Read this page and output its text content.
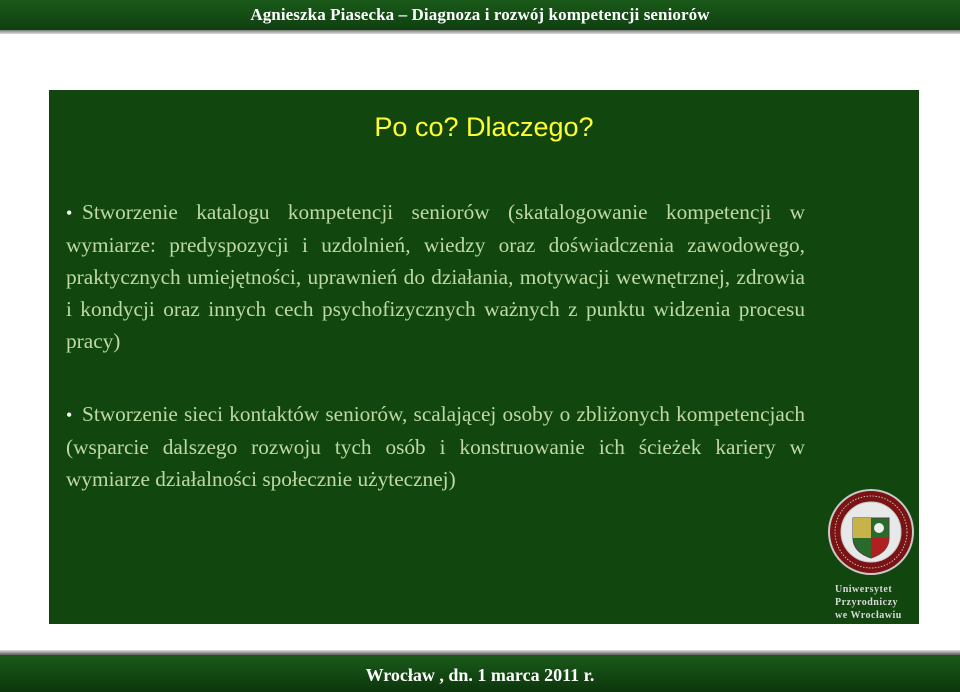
Agnieszka Piasecka – Diagnoza i rozwój kompetencji seniorów
Po co? Dlaczego?
• Stworzenie katalogu kompetencji seniorów (skatalogowanie kompetencji w wymiarze: predyspozycji i uzdolnień, wiedzy oraz doświadczenia zawodowego, praktycznych umiejętności, uprawnień do działania, motywacji wewnętrznej, zdrowia i kondycji oraz innych cech psychofizycznych ważnych z punktu widzenia procesu pracy)
• Stworzenie sieci kontaktów seniorów, scalającej osoby o zbliżonych kompetencjach (wsparcie dalszego rozwoju tych osób i konstruowanie ich ścieżek kariery w wymiarze działalności społecznie użytecznej)
Uniwersytet
Przyrodniczy
we Wrocławiu
Wrocław , dn. 1 marca 2011 r.
